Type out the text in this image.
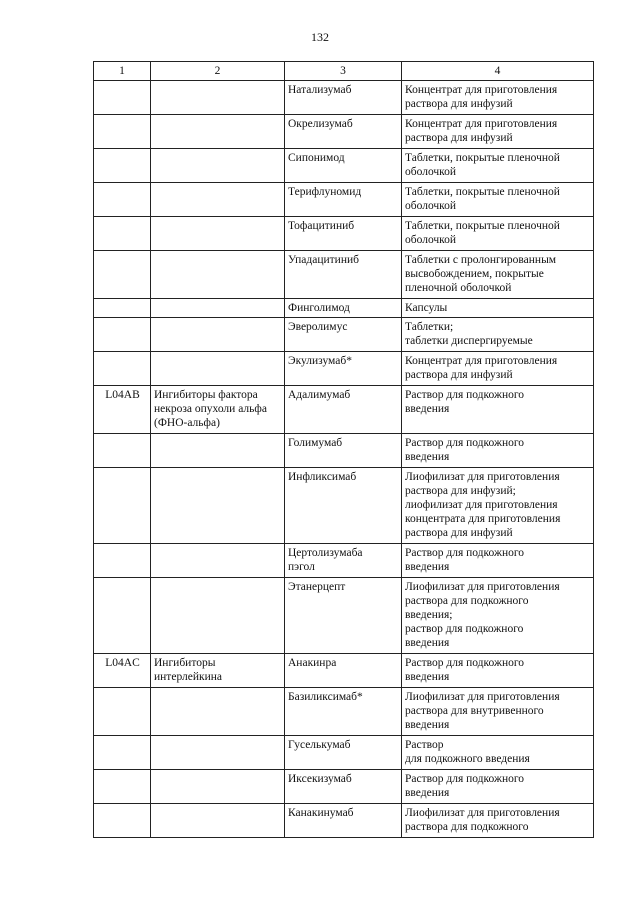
132
1	2	3	4
		Натализумаб	Концентрат для приготовления
раствора для инфузий
		Окрелизумаб	Концентрат для приготовления
раствора для инфузий
		Сипонимод	Таблетки, покрытые пленочной
оболочкой
		Терифлуномид	Таблетки, покрытые пленочной
оболочкой
		Тофацитиниб	Таблетки, покрытые пленочной
оболочкой
		Упадацитиниб	Таблетки с пролонгированным
высвобождением, покрытые
пленочной оболочкой
		Финголимод	Капсулы
		Эверолимус	Таблетки;
таблетки диспергируемые
		Экулизумаб*	Концентрат для приготовления
раствора для инфузий
L04AB	Ингибиторы фактора
некроза опухоли альфа
(ФНО-альфа)	Адалимумаб	Раствор для подкожного
введения
		Голимумаб	Раствор для подкожного
введения
		Инфликсимаб	Лиофилизат для приготовления
раствора для инфузий;
лиофилизат для приготовления
концентрата для приготовления
раствора для инфузий
		Цертолизумаба
пэгол	Раствор для подкожного
введения
		Этанерцепт	Лиофилизат для приготовления
раствора для подкожного
введения;
раствор для подкожного
введения
L04AC	Ингибиторы
интерлейкина	Анакинра	Раствор для подкожного
введения
		Базиликсимаб*	Лиофилизат для приготовления
раствора для внутривенного
введения
		Гуселькумаб	Раствор
для подкожного введения
		Иксекизумаб	Раствор для подкожного
введения
		Канакинумаб	Лиофилизат для приготовления
раствора для подкожного
